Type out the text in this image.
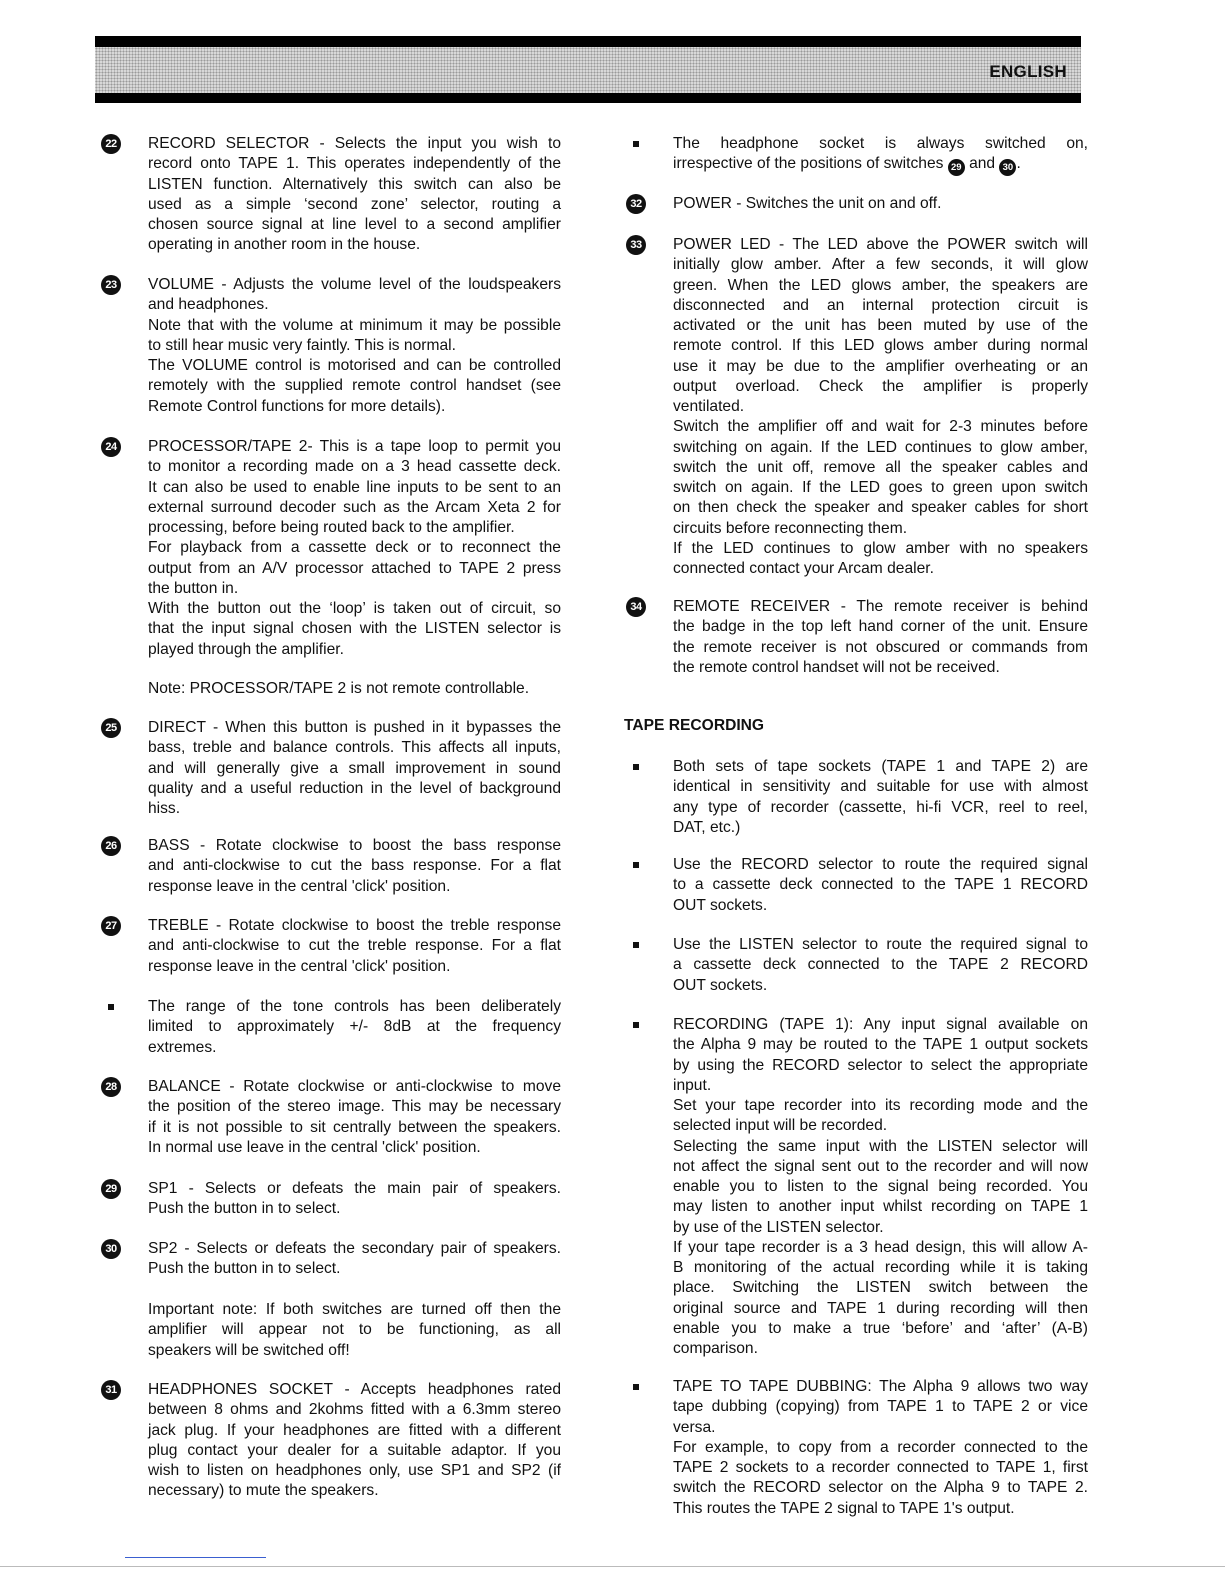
ENGLISH
TAPE RECORDING
22 RECORD SELECTOR - Selects the input you wish to
record onto TAPE 1. This operates independently of the
LISTEN function. Alternatively this switch can also be
used as a simple ‘second zone’ selector, routing a
chosen source signal at line level to a second amplifier
operating in another room in the house.
23 VOLUME - Adjusts the volume level of the loudspeakers
and headphones.
Note that with the volume at minimum it may be possible
to still hear music very faintly. This is normal.
The VOLUME control is motorised and can be controlled
remotely with the supplied remote control handset (see
Remote Control functions for more details).
24 PROCESSOR/TAPE 2- This is a tape loop to permit you
to monitor a recording made on a 3 head cassette deck.
It can also be used to enable line inputs to be sent to an
external surround decoder such as the Arcam Xeta 2 for
processing, before being routed back to the amplifier.
For playback from a cassette deck or to reconnect the
output from an A/V processor attached to TAPE 2 press
the button in.
With the button out the ‘loop’ is taken out of circuit, so
that the input signal chosen with the LISTEN selector is
played through the amplifier.
Note: PROCESSOR/TAPE 2 is not remote controllable.
25 DIRECT - When this button is pushed in it bypasses the
bass, treble and balance controls. This affects all inputs,
and will generally give a small improvement in sound
quality and a useful reduction in the level of background
hiss.
26 BASS - Rotate clockwise to boost the bass response
and anti-clockwise to cut the bass response. For a flat
response leave in the central 'click' position.
27 TREBLE - Rotate clockwise to boost the treble response
and anti-clockwise to cut the treble response. For a flat
response leave in the central 'click' position.
The range of the tone controls has been deliberately
limited to approximately +/- 8dB at the frequency
extremes.
28 BALANCE - Rotate clockwise or anti-clockwise to move
the position of the stereo image. This may be necessary
if it is not possible to sit centrally between the speakers.
In normal use leave in the central 'click' position.
29 SP1 - Selects or defeats the main pair of speakers.
Push the button in to select.
30 SP2 - Selects or defeats the secondary pair of speakers.
Push the button in to select.
Important note: If both switches are turned off then the
amplifier will appear not to be functioning, as all
speakers will be switched off!
31 HEADPHONES SOCKET - Accepts headphones rated
between 8 ohms and 2kohms fitted with a 6.3mm stereo
jack plug. If your headphones are fitted with a different
plug contact your dealer for a suitable adaptor. If you
wish to listen on headphones only, use SP1 and SP2 (if
necessary) to mute the speakers.
The headphone socket is always switched on,
irrespective of the positions of switches 29 and 30 .
32 POWER - Switches the unit on and off.
33 POWER LED - The LED above the POWER switch will
initially glow amber. After a few seconds, it will glow
green. When the LED glows amber, the speakers are
disconnected and an internal protection circuit is
activated or the unit has been muted by use of the
remote control. If this LED glows amber during normal
use it may be due to the amplifier overheating or an
output overload. Check the amplifier is properly
ventilated.
Switch the amplifier off and wait for 2-3 minutes before
switching on again. If the LED continues to glow amber,
switch the unit off, remove all the speaker cables and
switch on again. If the LED goes to green upon switch
on then check the speaker and speaker cables for short
circuits before reconnecting them.
If the LED continues to glow amber with no speakers
connected contact your Arcam dealer.
34 REMOTE RECEIVER - The remote receiver is behind
the badge in the top left hand corner of the unit. Ensure
the remote receiver is not obscured or commands from
the remote control handset will not be received.
Both sets of tape sockets (TAPE 1 and TAPE 2) are
identical in sensitivity and suitable for use with almost
any type of recorder (cassette, hi-fi VCR, reel to reel,
DAT, etc.)
Use the RECORD selector to route the required signal
to a cassette deck connected to the TAPE 1 RECORD
OUT sockets.
Use the LISTEN selector to route the required signal to
a cassette deck connected to the TAPE 2 RECORD
OUT sockets.
RECORDING (TAPE 1): Any input signal available on
the Alpha 9 may be routed to the TAPE 1 output sockets
by using the RECORD selector to select the appropriate
input.
Set your tape recorder into its recording mode and the
selected input will be recorded.
Selecting the same input with the LISTEN selector will
not affect the signal sent out to the recorder and will now
enable you to listen to the signal being recorded. You
may listen to another input whilst recording on TAPE 1
by use of the LISTEN selector.
If your tape recorder is a 3 head design, this will allow A-
B monitoring of the actual recording while it is taking
place. Switching the LISTEN switch between the
original source and TAPE 1 during recording will then
enable you to make a true ‘before’ and ‘after’ (A-B)
comparison.
TAPE TO TAPE DUBBING: The Alpha 9 allows two way
tape dubbing (copying) from TAPE 1 to TAPE 2 or vice
versa.
For example, to copy from a recorder connected to the
TAPE 2 sockets to a recorder connected to TAPE 1, first
switch the RECORD selector on the Alpha 9 to TAPE 2.
This routes the TAPE 2 signal to TAPE 1's output.
